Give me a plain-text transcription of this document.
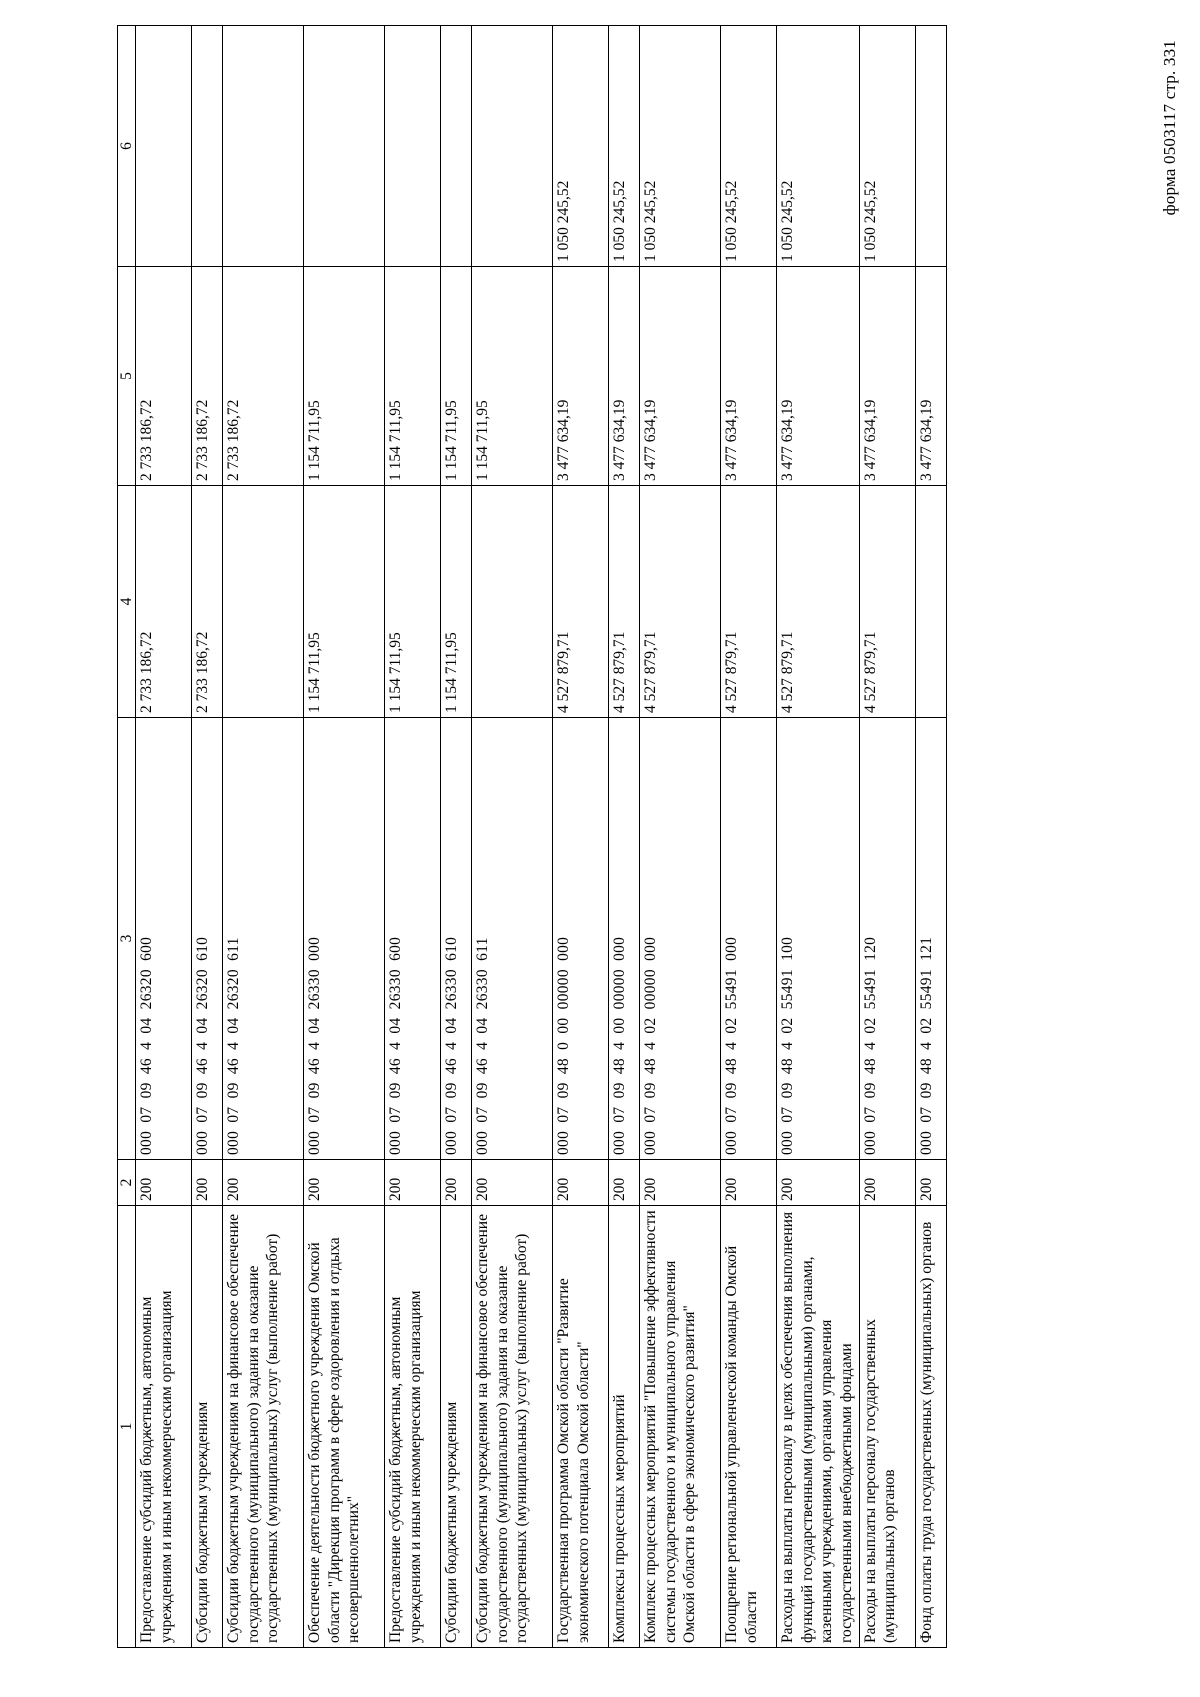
форма 0503117 стр. 331
1	2	3	4	5	6
Предоставление субсидий бюджетным, автономным учреждениям и иным некоммерческим организациям	200	000 07 09 46 4 04 26320 600	2 733 186,72	2 733 186,72	
Субсидии бюджетным учреждениям	200	000 07 09 46 4 04 26320 610	2 733 186,72	2 733 186,72	
Субсидии бюджетным учреждениям на финансовое обеспечение государственного (муниципального) задания на оказание государственных (муниципальных) услуг (выполнение работ)	200	000 07 09 46 4 04 26320 611		2 733 186,72	
Обеспечение деятельности бюджетного учреждения Омской области "Дирекция программ в сфере оздоровления и отдыха несовершеннолетних"	200	000 07 09 46 4 04 26330 000	1 154 711,95	1 154 711,95	
Предоставление субсидий бюджетным, автономным учреждениям и иным некоммерческим организациям	200	000 07 09 46 4 04 26330 600	1 154 711,95	1 154 711,95	
Субсидии бюджетным учреждениям	200	000 07 09 46 4 04 26330 610	1 154 711,95	1 154 711,95	
Субсидии бюджетным учреждениям на финансовое обеспечение государственного (муниципального) задания на оказание государственных (муниципальных) услуг (выполнение работ)	200	000 07 09 46 4 04 26330 611		1 154 711,95	
Государственная программа Омской области "Развитие экономического потенциала Омской области"	200	000 07 09 48 0 00 00000 000	4 527 879,71	3 477 634,19	1 050 245,52
Комплексы процессных мероприятий	200	000 07 09 48 4 00 00000 000	4 527 879,71	3 477 634,19	1 050 245,52
Комплекс процессных мероприятий "Повышение эффективности системы государственного и муниципального управления Омской области в сфере экономического развития"	200	000 07 09 48 4 02 00000 000	4 527 879,71	3 477 634,19	1 050 245,52
Поощрение региональной управленческой команды Омской области	200	000 07 09 48 4 02 55491 000	4 527 879,71	3 477 634,19	1 050 245,52
Расходы на выплаты персоналу в целях обеспечения выполнения функций государственными (муниципальными) органами, казенными учреждениями, органами управления государственными внебюджетными фондами	200	000 07 09 48 4 02 55491 100	4 527 879,71	3 477 634,19	1 050 245,52
Расходы на выплаты персоналу государственных (муниципальных) органов	200	000 07 09 48 4 02 55491 120	4 527 879,71	3 477 634,19	1 050 245,52
Фонд оплаты труда государственных (муниципальных) органов	200	000 07 09 48 4 02 55491 121		3 477 634,19	
